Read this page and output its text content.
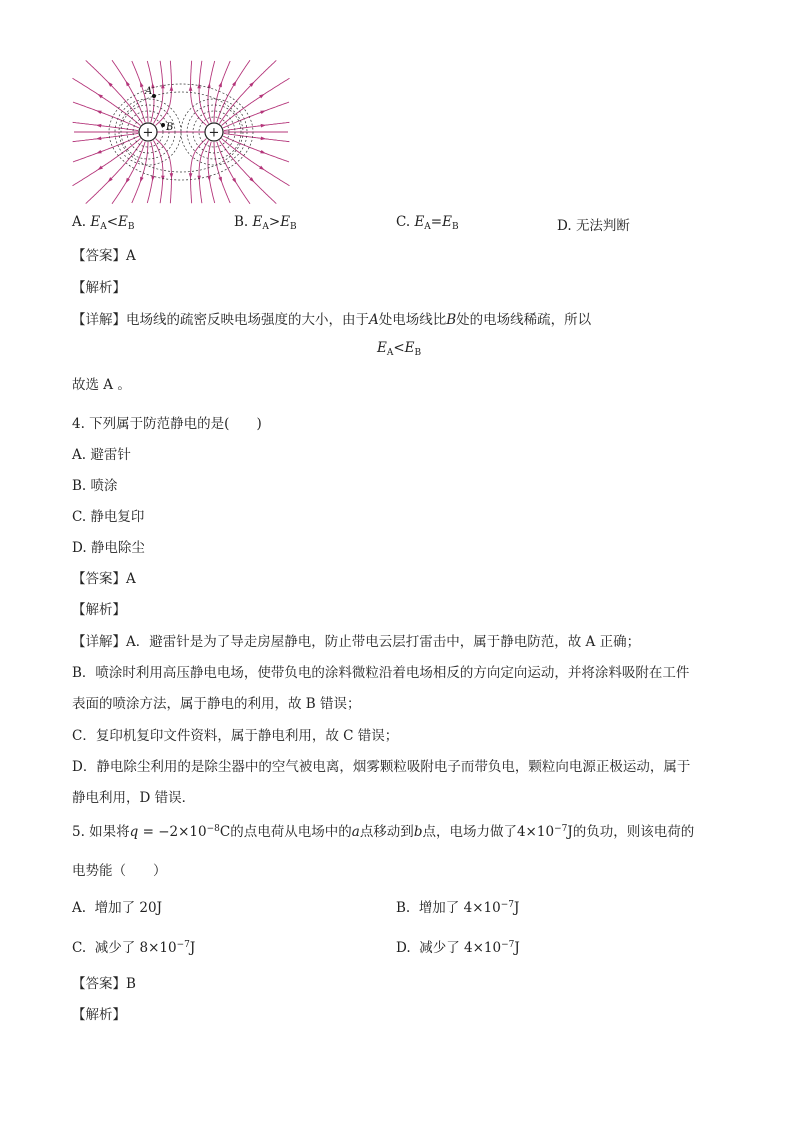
+	+
A
B
A. $E_A<E_B$	B. $E_A>E_B$	C. $E_A=E_B$	D. 无法判断
【答案】A
【解析】
【详解】电场线的疏密反映电场强度的大小，由于A处电场线比B处的电场线稀疏，所以
$E_A<E_B$
故选 A 。
4. 下列属于防范静电的是(　　)
A. 避雷针
B. 喷涂
C. 静电复印
D. 静电除尘
【答案】A
【解析】
【详解】A．避雷针是为了导走房屋静电，防止带电云层打雷击中，属于静电防范，故 A 正确；
B．喷涂时利用高压静电电场，使带负电的涂料微粒沿着电场相反的方向定向运动，并将涂料吸附在工件
表面的喷涂方法，属于静电的利用，故 B 错误；
C．复印机复印文件资料，属于静电利用，故 C 错误；
D．静电除尘利用的是除尘器中的空气被电离，烟雾颗粒吸附电子而带负电，颗粒向电源正极运动，属于
静电利用，D 错误．
5. 如果将$q = -2\times 10^{-8}C$的点电荷从电场中的a点移动到b点，电场力做了$4\times 10^{-7}J$的负功，则该电荷的
电势能（　　）
A. 增加了 20J	B. 增加了 $4\times 10^{-7}J$
C. 减少了 $8\times 10^{-7}J$	D. 减少了 $4\times 10^{-7}J$
【答案】B
【解析】
